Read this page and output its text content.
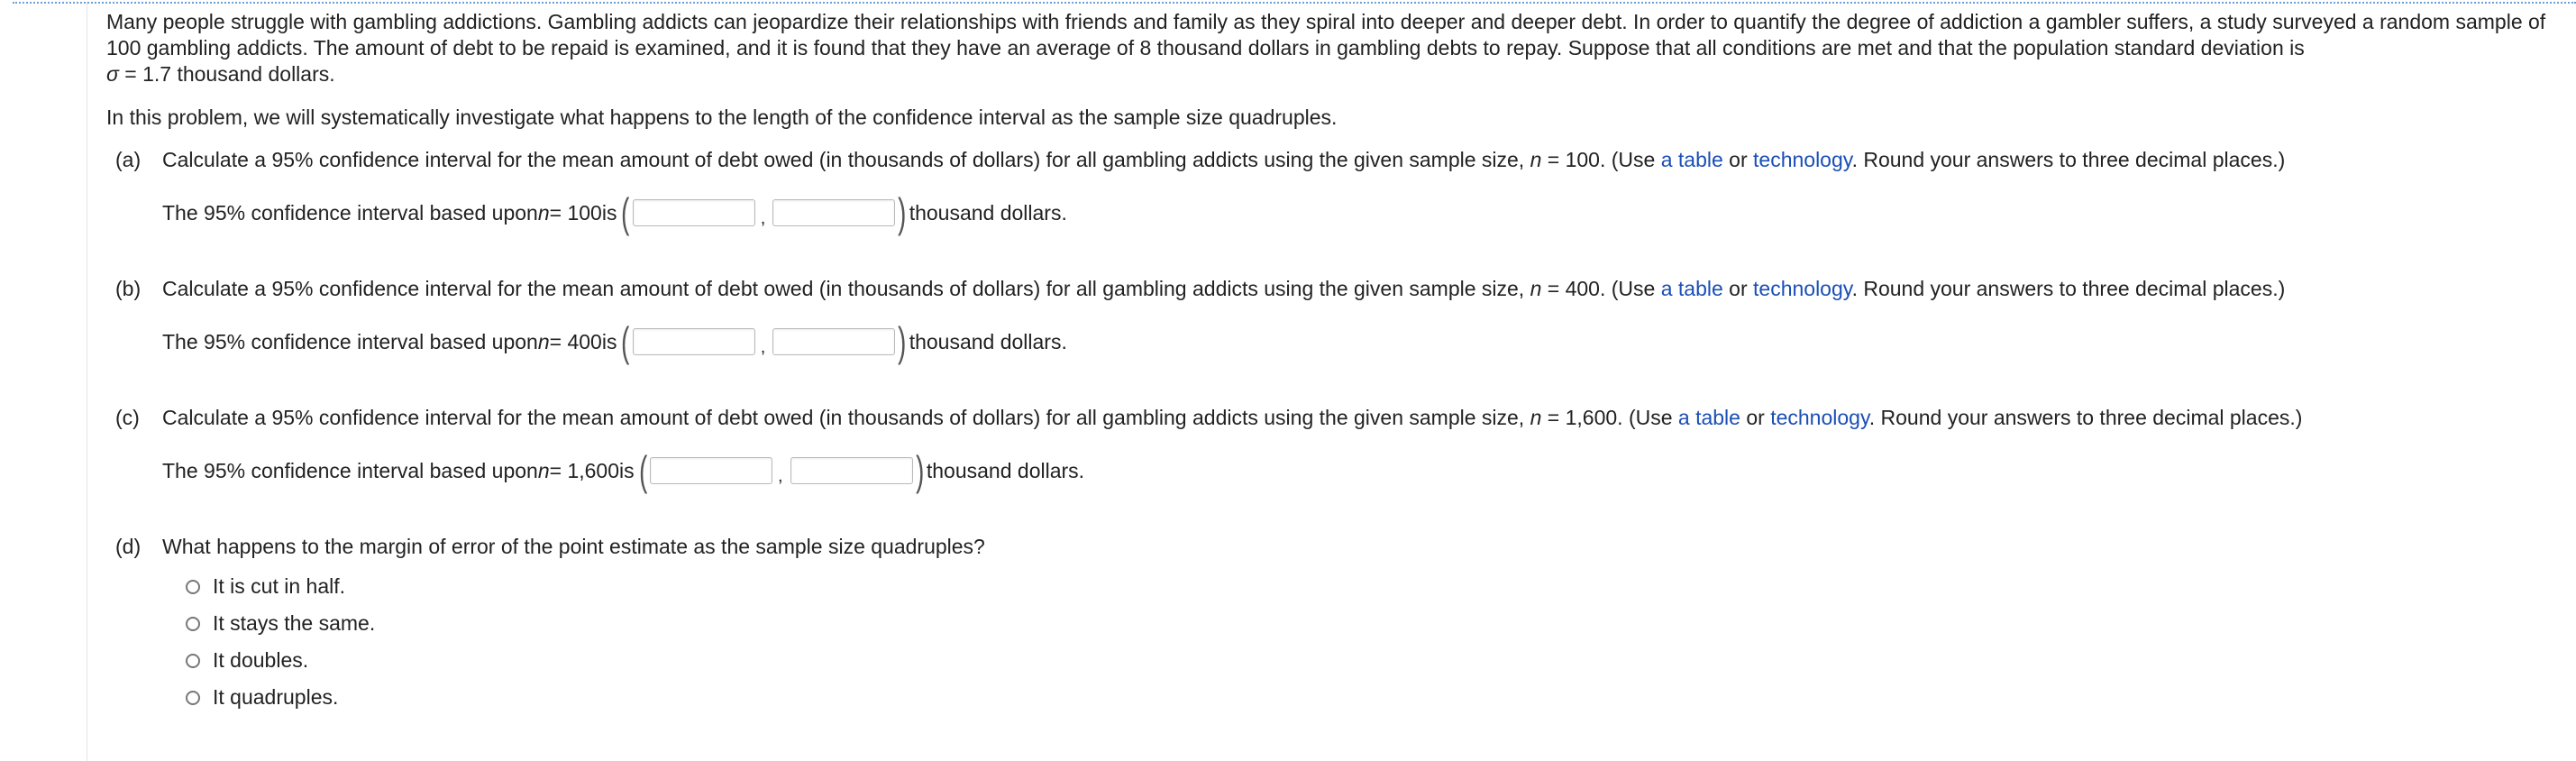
Many people struggle with gambling addictions. Gambling addicts can jeopardize their relationships with friends and family as they spiral into deeper and deeper debt. In order to quantify the degree of addiction a gambler suffers, a study surveyed a random sample of 100 gambling addicts. The amount of debt to be repaid is examined, and it is found that they have an average of 8 thousand dollars in gambling debts to repay. Suppose that all conditions are met and that the population standard deviation is
σ = 1.7 thousand dollars.

In this problem, we will systematically investigate what happens to the length of the confidence interval as the sample size quadruples.

(a) Calculate a 95% confidence interval for the mean amount of debt owed (in thousands of dollars) for all gambling addicts using the given sample size, n = 100. (Use a table or technology. Round your answers to three decimal places.)
The 95% confidence interval based upon n = 100 is (	,	) thousand dollars.
(b) Calculate a 95% confidence interval for the mean amount of debt owed (in thousands of dollars) for all gambling addicts using the given sample size, n = 400. (Use a table or technology. Round your answers to three decimal places.)
The 95% confidence interval based upon n = 400 is (	,	) thousand dollars.
(c) Calculate a 95% confidence interval for the mean amount of debt owed (in thousands of dollars) for all gambling addicts using the given sample size, n = 1,600. (Use a table or technology. Round your answers to three decimal places.)
The 95% confidence interval based upon n = 1,600 is (	,	) thousand dollars.
(d) What happens to the margin of error of the point estimate as the sample size quadruples?
It is cut in half.
It stays the same.
It doubles.
It quadruples.
